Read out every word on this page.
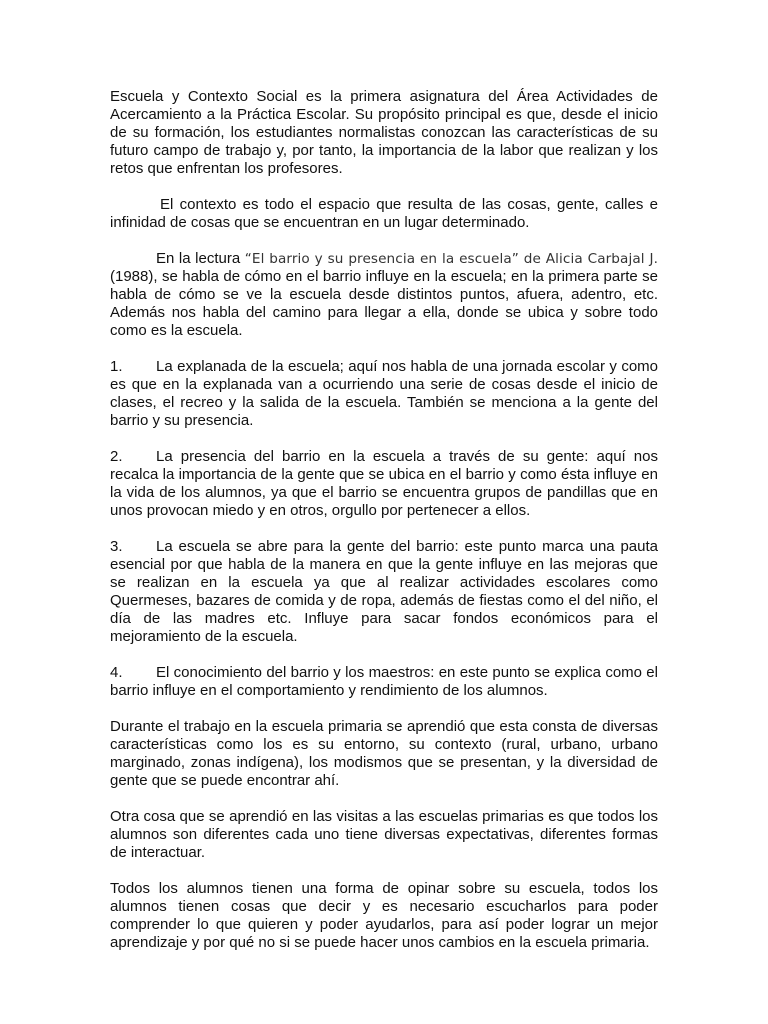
Escuela y Contexto Social es la primera asignatura del Área Actividades de Acercamiento a la Práctica Escolar. Su propósito principal es que, desde el inicio de su formación, los estudiantes normalistas conozcan las características de su futuro campo de trabajo y, por tanto, la importancia de la labor que realizan y los retos que enfrentan los profesores.

El contexto es todo el espacio que resulta de las cosas, gente, calles e infinidad de cosas que se encuentran en un lugar determinado.

En la lectura “El barrio y su presencia en la escuela” de Alicia Carbajal J. (1988), se habla de cómo en el barrio influye en la escuela; en la primera parte se habla de cómo se ve la escuela desde distintos puntos, afuera, adentro, etc. Además nos habla del camino para llegar a ella, donde se ubica y sobre todo como es la escuela.

1. La explanada de la escuela; aquí nos habla de una jornada escolar y como es que en la explanada van a ocurriendo una serie de cosas desde el inicio de clases, el recreo y la salida de la escuela. También se menciona a la gente del barrio y su presencia.

2. La presencia del barrio en la escuela a través de su gente: aquí nos recalca la importancia de la gente que se ubica en el barrio y como ésta influye en la vida de los alumnos, ya que el barrio se encuentra grupos de pandillas que en unos provocan miedo y en otros, orgullo por pertenecer a ellos.

3. La escuela se abre para la gente del barrio: este punto marca una pauta esencial por que habla de la manera en que la gente influye en las mejoras que se realizan en la escuela ya que al realizar actividades escolares como Quermeses, bazares de comida y de ropa, además de fiestas como el del niño, el día de las madres etc. Influye para sacar fondos económicos para el mejoramiento de la escuela.

4. El conocimiento del barrio y los maestros: en este punto se explica como el barrio influye en el comportamiento y rendimiento de los alumnos.

Durante el trabajo en la escuela primaria se aprendió que esta consta de diversas características como los es su entorno, su contexto (rural, urbano, urbano marginado, zonas indígena), los modismos que se presentan, y la diversidad de gente que se puede encontrar ahí.

Otra cosa que se aprendió en las visitas a las escuelas primarias es que todos los alumnos son diferentes cada uno tiene diversas expectativas, diferentes formas de interactuar.

Todos los alumnos tienen una forma de opinar sobre su escuela, todos los alumnos tienen cosas que decir y es necesario escucharlos para poder comprender lo que quieren y poder ayudarlos, para así poder lograr un mejor aprendizaje y por qué no si se puede hacer unos cambios en la escuela primaria.
